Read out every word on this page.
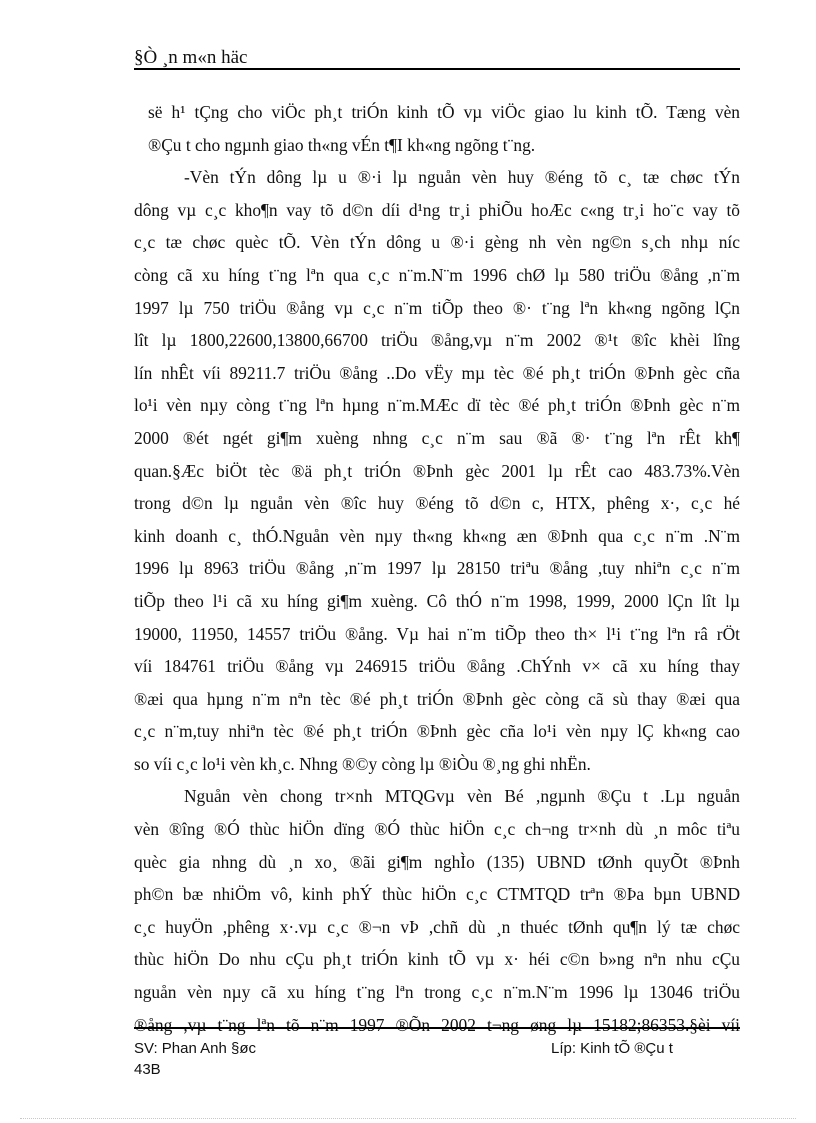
§Ò ¸n m«n häc
së h¹ tÇng cho viÖc ph¸t triÓn kinh tÕ vµ viÖc giao lu kinh tÕ. Tæng vèn
®Çu t cho ngµnh giao th«ng vÉn t¶I kh«ng ngõng t¨ng.
-Vèn tÝn dông lµ u ®·i lµ nguån vèn huy ®éng tõ c¸ tæ chøc tÝn
dông vµ c¸c kho¶n vay tõ d©n díi d¹ng tr¸i phiÕu hoÆc c«ng tr¸i ho¨c vay tõ
c¸c tæ chøc quèc tÕ. Vèn tÝn dông u ®·i gèng nh vèn ng©n s¸ch nhµ níc
còng cã xu híng t¨ng lªn qua c¸c n¨m.N¨m 1996 chØ lµ 580 triÖu ®ång ,n¨m
1997 lµ 750 triÖu ®ång vµ c¸c n¨m tiÕp theo ®· t¨ng lªn kh«ng ngõng lÇn
lît lµ 1800,22600,13800,66700 triÖu ®ång,vµ n¨m 2002 ®¹t ®îc khèi lîng
lín nhÊt víi 89211.7 triÖu ®ång ..Do vËy mµ tèc ®é ph¸t triÓn ®Þnh gèc cña
lo¹i vèn nµy còng t¨ng lªn hµng n¨m.MÆc dï tèc ®é ph¸t triÓn ®Þnh gèc n¨m
2000 ®ét ngét gi¶m xuèng nhng c¸c n¨m sau ®ã ®· t¨ng lªn rÊt kh¶
quan.§Æc biÖt tèc ®ä ph¸t triÓn ®Þnh gèc 2001 lµ rÊt cao 483.73%.Vèn
trong d©n lµ nguån vèn ®îc huy ®éng tõ d©n c, HTX, phêng x·, c¸c hé
kinh doanh c¸ thÓ.Nguån vèn nµy th«ng kh«ng æn ®Þnh qua c¸c n¨m .N¨m
1996 lµ 8963 triÖu ®ång ,n¨m 1997 lµ 28150 triªu ®ång ,tuy nhiªn c¸c n¨m
tiÕp theo l¹i cã xu híng gi¶m xuèng. Cô thÓ n¨m 1998, 1999, 2000 lÇn lît lµ
19000, 11950, 14557 triÖu ®ång. Vµ hai n¨m tiÕp theo th× l¹i t¨ng lªn râ rÖt
víi 184761 triÖu ®ång vµ 246915 triÖu ®ång .ChÝnh v× cã xu híng thay
®æi qua hµng n¨m nªn tèc ®é ph¸t triÓn ®Þnh gèc còng cã sù thay ®æi qua
c¸c n¨m,tuy nhiªn tèc ®é ph¸t triÓn ®Þnh gèc cña lo¹i vèn nµy lÇ kh«ng cao
so víi c¸c lo¹i vèn kh¸c. Nhng ®©y còng lµ ®iÒu ®¸ng ghi nhËn.
Nguån vèn chong tr×nh MTQGvµ vèn Bé ,ngµnh ®Çu t .Lµ nguån
vèn ®îng ®Ó thùc hiÖn dïng ®Ó thùc hiÖn c¸c ch¬ng tr×nh dù ¸n môc tiªu
quèc gia nhng dù ¸n xo¸ ®ãi gi¶m nghÌo (135) UBND tØnh quyÕt ®Þnh
ph©n bæ nhiÖm vô, kinh phÝ thùc hiÖn c¸c CTMTQD trªn ®Þa bµn UBND
c¸c huyÖn ,phêng x·.vµ c¸c ®¬n vÞ ,chñ dù ¸n thuéc tØnh qu¶n lý tæ chøc
thùc hiÖn Do nhu cÇu ph¸t triÓn kinh tÕ vµ x· héi c©n b»ng nªn nhu cÇu
nguån vèn nµy cã xu híng t¨ng lªn trong c¸c n¨m.N¨m 1996 lµ 13046 triÖu
®ång ,vµ t¨ng lªn tõ n¨m 1997 ®Õn 2002 t¬ng øng lµ 15182;86353.§èi víi
SV: Phan Anh §øc
43B
Líp: Kinh tÕ ®Çu t
